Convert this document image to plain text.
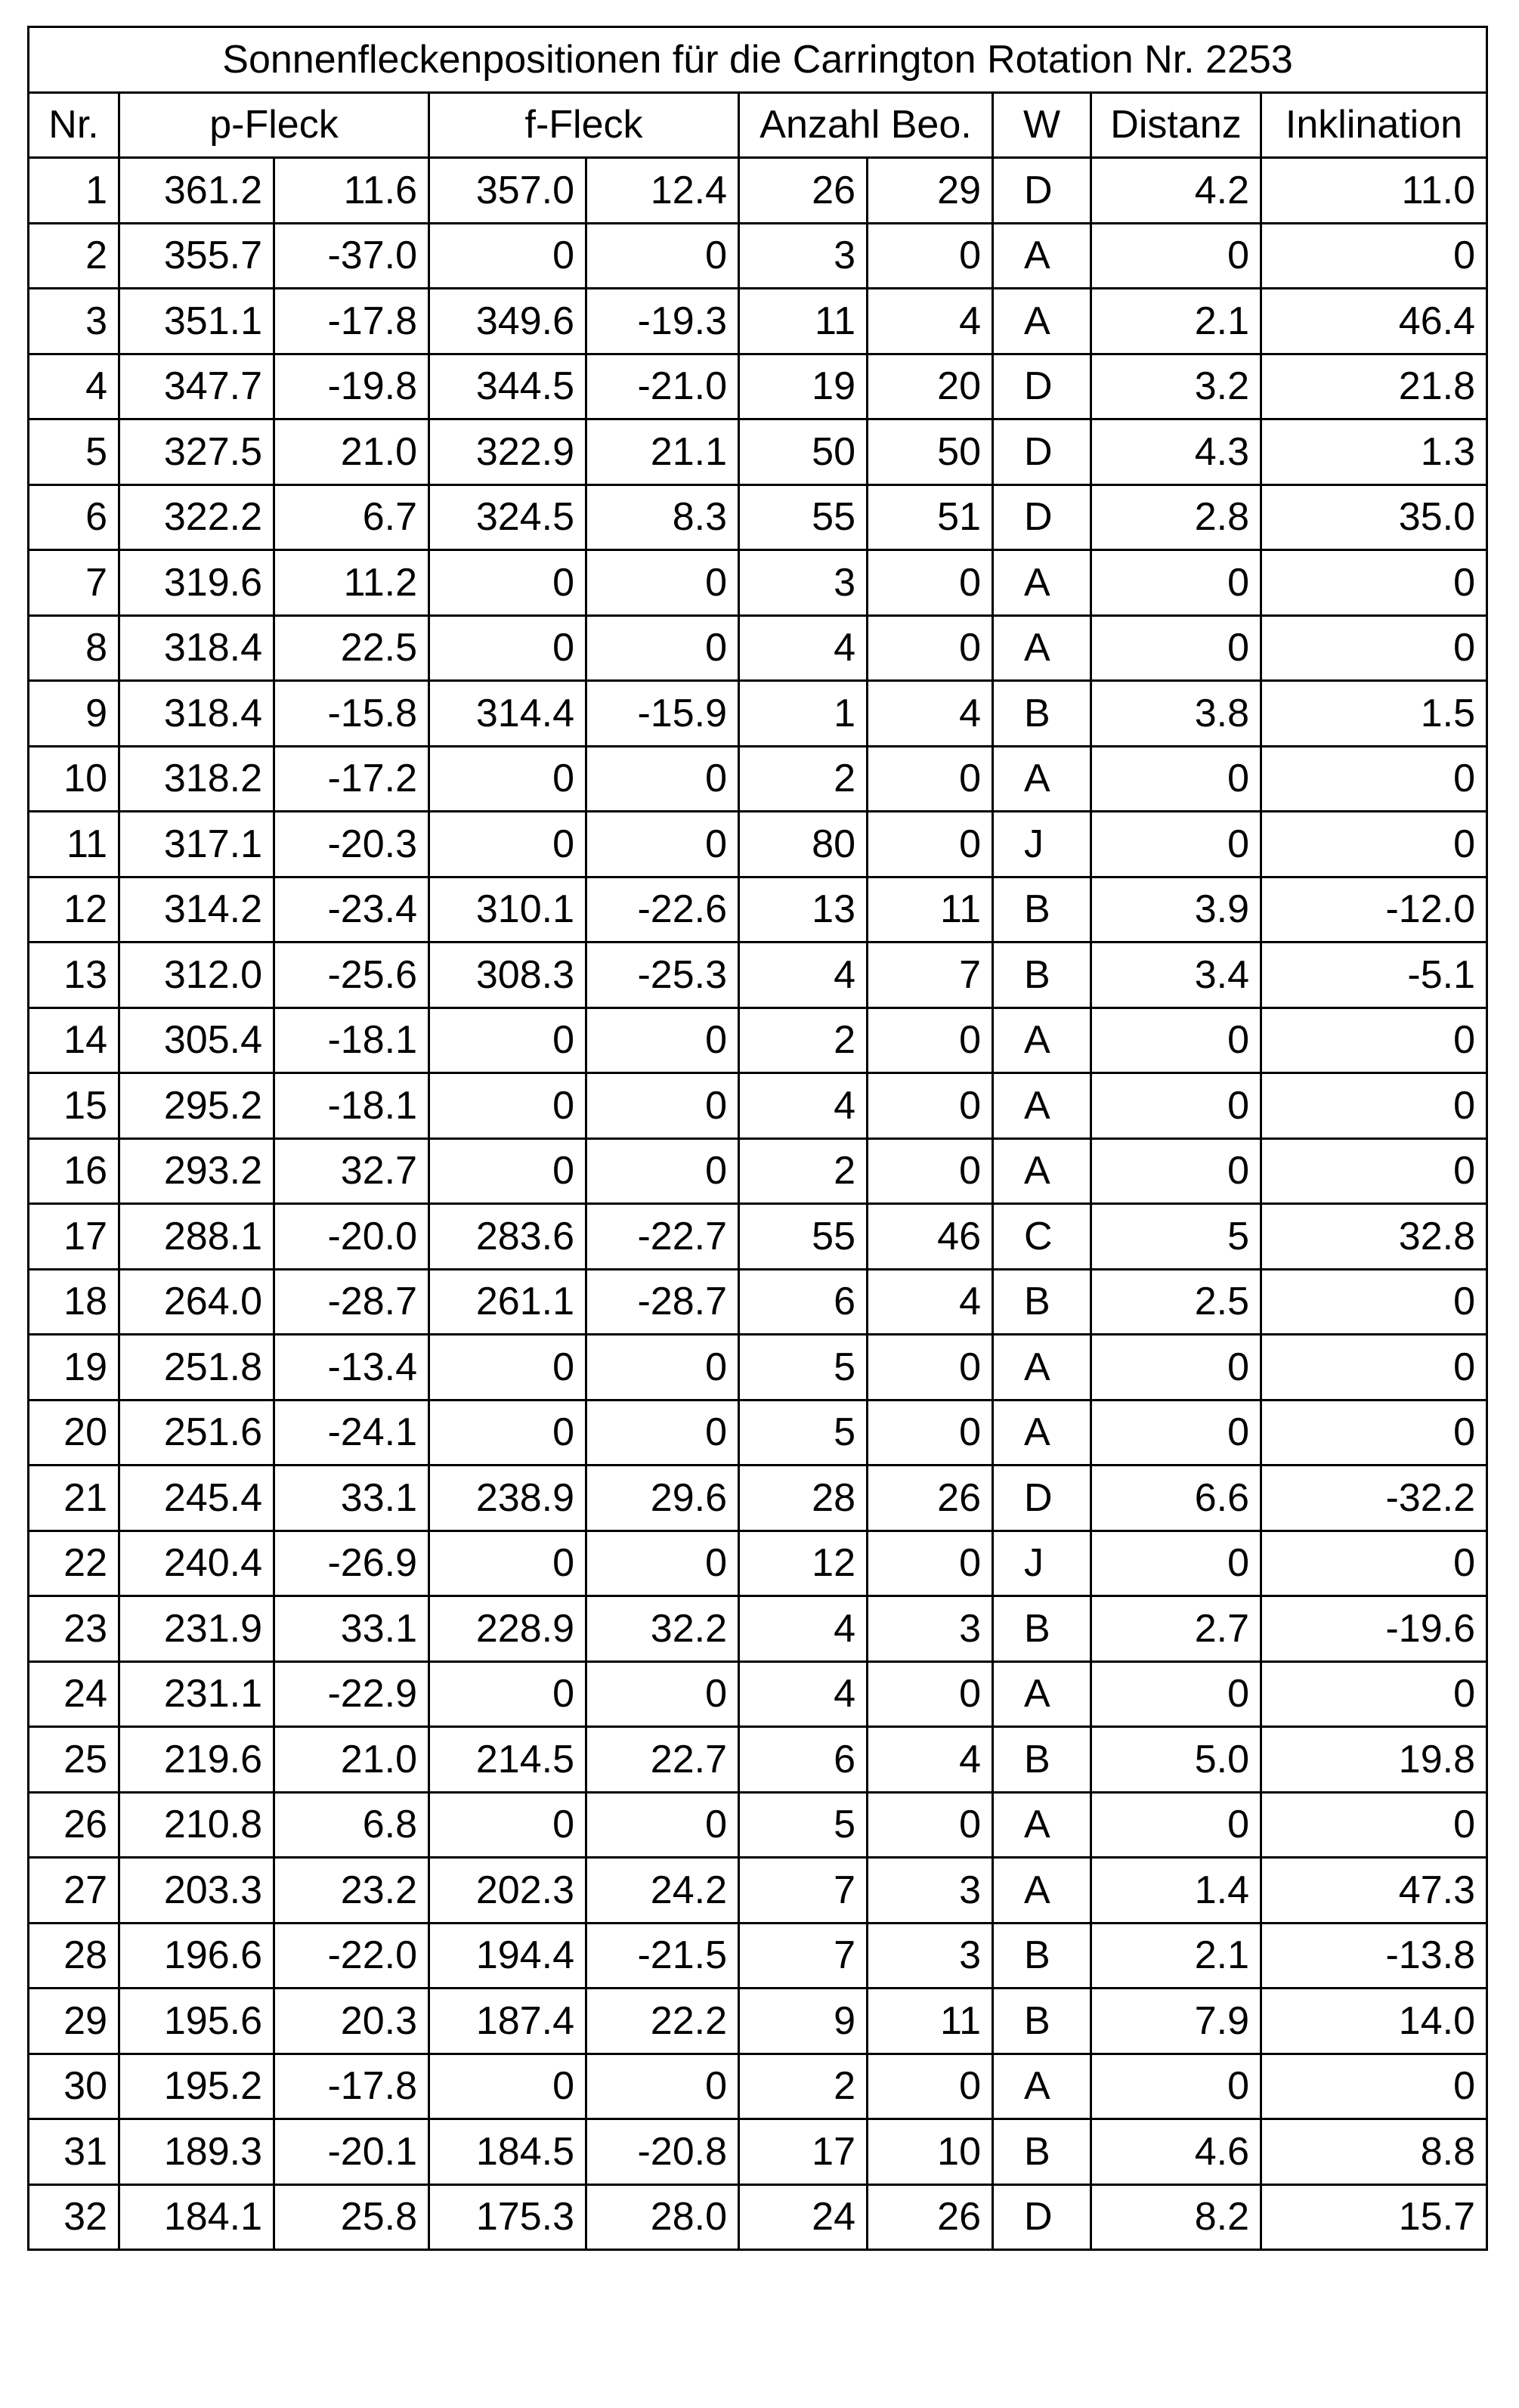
Sonnenfleckenpositionen für die Carrington Rotation Nr. 2253									
Nr.	p-Fleck		f-Fleck		Anzahl Beo.		W	Distanz	Inklination
1	361.2	11.6	357.0	12.4	26	29	D	4.2	11.0
2	355.7	-37.0	0	0	3	0	A	0	0
3	351.1	-17.8	349.6	-19.3	11	4	A	2.1	46.4
4	347.7	-19.8	344.5	-21.0	19	20	D	3.2	21.8
5	327.5	21.0	322.9	21.1	50	50	D	4.3	1.3
6	322.2	6.7	324.5	8.3	55	51	D	2.8	35.0
7	319.6	11.2	0	0	3	0	A	0	0
8	318.4	22.5	0	0	4	0	A	0	0
9	318.4	-15.8	314.4	-15.9	1	4	B	3.8	1.5
10	318.2	-17.2	0	0	2	0	A	0	0
11	317.1	-20.3	0	0	80	0	J	0	0
12	314.2	-23.4	310.1	-22.6	13	11	B	3.9	-12.0
13	312.0	-25.6	308.3	-25.3	4	7	B	3.4	-5.1
14	305.4	-18.1	0	0	2	0	A	0	0
15	295.2	-18.1	0	0	4	0	A	0	0
16	293.2	32.7	0	0	2	0	A	0	0
17	288.1	-20.0	283.6	-22.7	55	46	C	5	32.8
18	264.0	-28.7	261.1	-28.7	6	4	B	2.5	0
19	251.8	-13.4	0	0	5	0	A	0	0
20	251.6	-24.1	0	0	5	0	A	0	0
21	245.4	33.1	238.9	29.6	28	26	D	6.6	-32.2
22	240.4	-26.9	0	0	12	0	J	0	0
23	231.9	33.1	228.9	32.2	4	3	B	2.7	-19.6
24	231.1	-22.9	0	0	4	0	A	0	0
25	219.6	21.0	214.5	22.7	6	4	B	5.0	19.8
26	210.8	6.8	0	0	5	0	A	0	0
27	203.3	23.2	202.3	24.2	7	3	A	1.4	47.3
28	196.6	-22.0	194.4	-21.5	7	3	B	2.1	-13.8
29	195.6	20.3	187.4	22.2	9	11	B	7.9	14.0
30	195.2	-17.8	0	0	2	0	A	0	0
31	189.3	-20.1	184.5	-20.8	17	10	B	4.6	8.8
32	184.1	25.8	175.3	28.0	24	26	D	8.2	15.7
